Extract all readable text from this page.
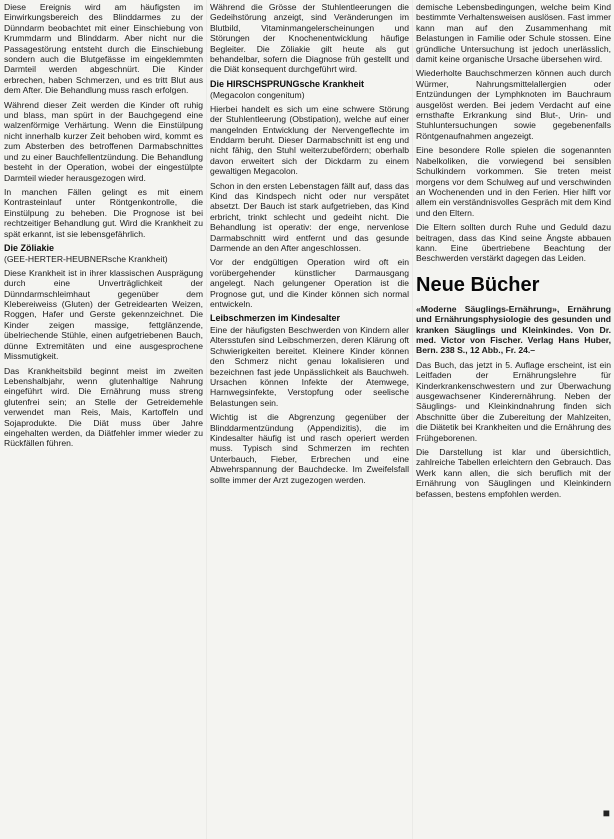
Diese Ereignis wird am häufigsten im Einwirkungsbereich des Blinddarmes zu der Dünndarm beobachtet mit einer Einschiebung von Krummdarm und Blinddarm. Aber nicht nur die Passagestörung entsteht durch die Einschiebung sondern auch die Blutgefässe im eingeklemmten Darmteil werden abgeschnürt. Die Kinder erbrechen, haben Schmerzen, und es tritt Blut aus dem After. Die Behandlung muss rasch erfolgen.

Während dieser Zeit werden die Kinder oft ruhig und blass, man spürt in der Bauchgegend eine walzenförmige Verhärtung. Wenn die Einstülpung nicht innerhalb kurzer Zeit behoben wird, kommt es zum Absterben des betroffenen Darmabschnittes und zu einer Bauchfellentzündung. Die Behandlung besteht in der Operation, wobei der eingestülpte Darmteil wieder herausgezogen wird.

In manchen Fällen gelingt es mit einem Kontrasteinlauf unter Röntgenkontrolle, die Einstülpung zu beheben. Die Prognose ist bei rechtzeitiger Behandlung gut. Wird die Krankheit zu spät erkannt, ist sie lebensgefährlich.

Die Zöliakie
(GEE-HERTER-HEUBNERsche Krankheit)

Diese Krankheit ist in ihrer klassischen Ausprägung durch eine Unverträglichkeit der Dünndarmschleimhaut gegenüber dem Klebereiweiss (Gluten) der Getreidearten Weizen, Roggen, Hafer und Gerste gekennzeichnet. Die Kinder zeigen massige, fettglänzende, übelriechende Stühle, einen aufgetriebenen Bauch, dünne Extremitäten und eine ausgesprochene Missmutigkeit.

Das Krankheitsbild beginnt meist im zweiten Lebenshalbjahr, wenn glutenhaltige Nahrung eingeführt wird. Die Ernährung muss streng glutenfrei sein; an Stelle der Getreidemehle verwendet man Reis, Mais, Kartoffeln und Sojaprodukte. Die Diät muss über Jahre eingehalten werden, da Diätfehler immer wieder zu Rückfällen führen.

Während die Grösse der Stuhlentleerungen die Gedeihstörung anzeigt, sind Veränderungen im Blutbild, Vitaminmangelerscheinungen und Störungen der Knochenentwicklung häufige Begleiter. Die Zöliakie gilt heute als gut behandelbar, sofern die Diagnose früh gestellt und die Diät konsequent durchgeführt wird.

Die HIRSCHSPRUNGsche Krankheit
(Megacolon congenitum)

Hierbei handelt es sich um eine schwere Störung der Stuhlentleerung (Obstipation), welche auf einer mangelnden Entwicklung der Nervengeflechte im Enddarm beruht. Dieser Darmabschnitt ist eng und nicht fähig, den Stuhl weiterzubefördern; oberhalb davon erweitert sich der Dickdarm zu einem gewaltigen Megacolon.

Schon in den ersten Lebenstagen fällt auf, dass das Kind das Kindspech nicht oder nur verspätet absetzt. Der Bauch ist stark aufgetrieben, das Kind erbricht, trinkt schlecht und gedeiht nicht. Die Behandlung ist operativ: der enge, nervenlose Darmabschnitt wird entfernt und das gesunde Darmende an den After angeschlossen.

Vor der endgültigen Operation wird oft ein vorübergehender künstlicher Darmausgang angelegt. Nach gelungener Operation ist die Prognose gut, und die Kinder können sich normal entwickeln.

Leibschmerzen im Kindesalter

Eine der häufigsten Beschwerden von Kindern aller Altersstufen sind Leibschmerzen, deren Klärung oft Schwierigkeiten bereitet. Kleinere Kinder können den Schmerz nicht genau lokalisieren und bezeichnen fast jede Unpässlichkeit als Bauchweh. Ursachen können Infekte der Atemwege, Harnwegsinfekte, Verstopfung oder seelische Belastungen sein.

Wichtig ist die Abgrenzung gegenüber der Blinddarmentzündung (Appendizitis), die im Kindesalter häufig ist und rasch operiert werden muss. Typisch sind Schmerzen im rechten Unterbauch, Fieber, Erbrechen und eine Abwehrspannung der Bauchdecke. Im Zweifelsfall sollte immer der Arzt zugezogen werden.

demische Lebensbedingungen, welche beim Kind bestimmte Verhaltensweisen auslösen. Fast immer kann man auf den Zusammenhang mit Belastungen in Familie oder Schule stossen. Eine gründliche Untersuchung ist jedoch unerlässlich, damit keine organische Ursache übersehen wird.

Wiederholte Bauchschmerzen können auch durch Würmer, Nahrungsmittelallergien oder Entzündungen der Lymphknoten im Bauchraum ausgelöst werden. Bei jedem Verdacht auf eine ernsthafte Erkrankung sind Blut-, Urin- und Stuhluntersuchungen sowie gegebenenfalls Röntgenaufnahmen angezeigt.

Eine besondere Rolle spielen die sogenannten Nabelkoliken, die vorwiegend bei sensiblen Schulkindern vorkommen. Sie treten meist morgens vor dem Schulweg auf und verschwinden an Wochenenden und in den Ferien. Hier hilft vor allem ein verständnisvolles Gespräch mit dem Kind und den Eltern.

Die Eltern sollten durch Ruhe und Geduld dazu beitragen, dass das Kind seine Ängste abbauen kann. Eine übertriebene Beachtung der Beschwerden verstärkt dagegen das Leiden.

Neue Bücher

«Moderne Säuglings-Ernährung», Ernährung und Ernährungsphysiologie des gesunden und kranken Säuglings und Kleinkindes. Von Dr. med. Victor von Fischer. Verlag Hans Huber, Bern. 238 S., 12 Abb., Fr. 24.–

Das Buch, das jetzt in 5. Auflage erscheint, ist ein Leitfaden der Ernährungslehre für Kinderkrankenschwestern und zur Überwachung ausgewachsener Kinderernährung. Neben der Säuglings- und Kleinkindnahrung finden sich Abschnitte über die Zubereitung der Mahlzeiten, die Diätetik bei Krankheiten und die Ernährung des Frühgeborenen.

Die Darstellung ist klar und übersichtlich, zahlreiche Tabellen erleichtern den Gebrauch. Das Werk kann allen, die sich beruflich mit der Ernährung von Säuglingen und Kleinkindern befassen, bestens empfohlen werden.

■
